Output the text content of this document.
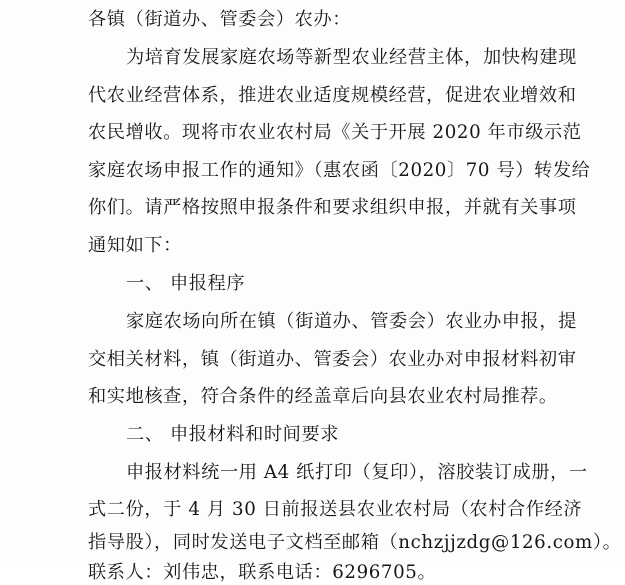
各镇（街道办、管委会）农办：
为培育发展家庭农场等新型农业经营主体，加快构建现
代农业经营体系，推进农业适度规模经营，促进农业增效和
农民增收。现将市农业农村局《关于开展 2020 年市级示范
家庭农场申报工作的通知》（惠农函〔2020〕70 号）转发给
你们。请严格按照申报条件和要求组织申报，并就有关事项
通知如下：
一、 申报程序
家庭农场向所在镇（街道办、管委会）农业办申报，提
交相关材料，镇（街道办、管委会）农业办对申报材料初审
和实地核查，符合条件的经盖章后向县农业农村局推荐。
二、 申报材料和时间要求
申报材料统一用 A4 纸打印（复印），溶胶装订成册，一
式二份，于 4 月 30 日前报送县农业农村局（农村合作经济
指导股），同时发送电子文档至邮箱（nchzjjzdg@126.com）。
联系人：刘伟忠，联系电话：6296705。
